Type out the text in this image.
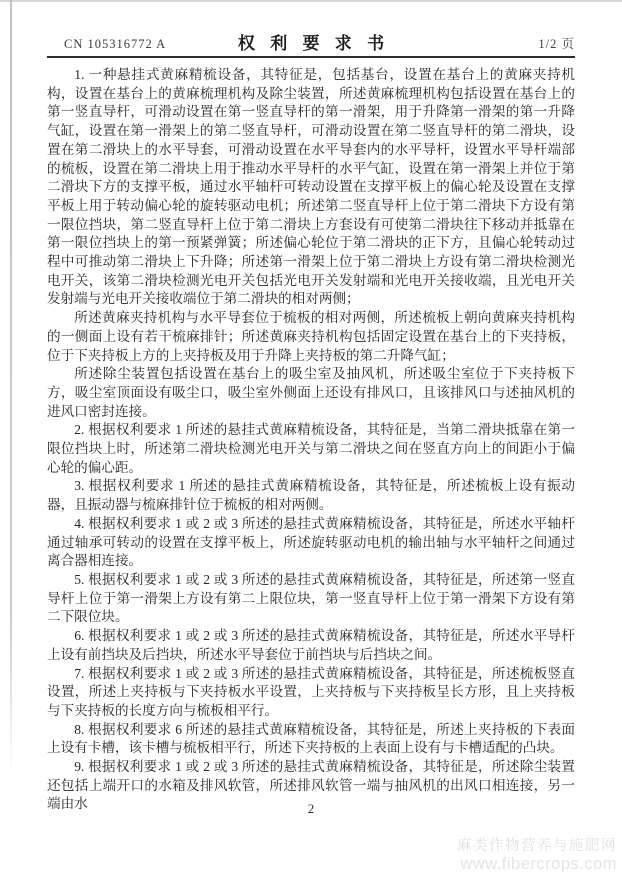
CN 105316772 A	权利要求书	1/2 页

1. 一种悬挂式黄麻精梳设备，其特征是，包括基台，设置在基台上的黄麻夹持机构，设置在基台上的黄麻梳理机构及除尘装置，所述黄麻梳理机构包括设置在基台上的第一竖直导杆，可滑动设置在第一竖直导杆的第一滑架，用于升降第一滑架的第一升降气缸，设置在第一滑架上的第二竖直导杆，可滑动设置在第二竖直导杆的第二滑块，设置在第二滑块上的水平导套，可滑动设置在水平导套内的水平导杆，设置水平导杆端部的梳板，设置在第二滑块上用于推动水平导杆的水平气缸，设置在第一滑架上并位于第二滑块下方的支撑平板，通过水平轴杆可转动设置在支撑平板上的偏心轮及设置在支撑平板上用于转动偏心轮的旋转驱动电机；所述第二竖直导杆上位于第二滑块下方设有第一限位挡块，第二竖直导杆上位于第二滑块上方套设有可使第二滑块往下移动并抵靠在第一限位挡块上的第一预紧弹簧；所述偏心轮位于第二滑块的正下方，且偏心轮转动过程中可推动第二滑块上下升降；所述第一滑架上位于第二滑块上方设有第二滑块检测光电开关，该第二滑块检测光电开关包括光电开关发射端和光电开关接收端，且光电开关发射端与光电开关接收端位于第二滑块的相对两侧；

所述黄麻夹持机构与水平导套位于梳板的相对两侧，所述梳板上朝向黄麻夹持机构的一侧面上设有若干梳麻排针；所述黄麻夹持机构包括固定设置在基台上的下夹持板，位于下夹持板上方的上夹持板及用于升降上夹持板的第二升降气缸；

所述除尘装置包括设置在基台上的吸尘室及抽风机，所述吸尘室位于下夹持板下方，吸尘室顶面设有吸尘口，吸尘室外侧面上还设有排风口，且该排风口与述抽风机的进风口密封连接。

2. 根据权利要求 1 所述的悬挂式黄麻精梳设备，其特征是，当第二滑块抵靠在第一限位挡块上时，所述第二滑块检测光电开关与第二滑块之间在竖直方向上的间距小于偏心轮的偏心距。

3. 根据权利要求 1 所述的悬挂式黄麻精梳设备，其特征是，所述梳板上设有振动器，且振动器与梳麻排针位于梳板的相对两侧。

4. 根据权利要求 1 或 2 或 3 所述的悬挂式黄麻精梳设备，其特征是，所述水平轴杆通过轴承可转动的设置在支撑平板上，所述旋转驱动电机的输出轴与水平轴杆之间通过离合器相连接。

5. 根据权利要求 1 或 2 或 3 所述的悬挂式黄麻精梳设备，其特征是，所述第一竖直导杆上位于第一滑架上方设有第二上限位块，第一竖直导杆上位于第一滑架下方设有第二下限位块。

6. 根据权利要求 1 或 2 或 3 所述的悬挂式黄麻精梳设备，其特征是，所述水平导杆上设有前挡块及后挡块，所述水平导套位于前挡块与后挡块之间。

7. 根据权利要求 1 或 2 或 3 所述的悬挂式黄麻精梳设备，其特征是，所述梳板竖直设置，所述上夹持板与下夹持板水平设置，上夹持板与下夹持板呈长方形，且上夹持板与下夹持板的长度方向与梳板相平行。

8. 根据权利要求 6 所述的悬挂式黄麻精梳设备，其特征是，所述上夹持板的下表面上设有卡槽，该卡槽与梳板相平行，所述下夹持板的上表面上设有与卡槽适配的凸块。

9. 根据权利要求 1 或 2 或 3 所述的悬挂式黄麻精梳设备，其特征是，所述除尘装置还包括上端开口的水箱及排风软管，所述排风软管一端与抽风机的出风口相连接，另一端由水	2
麻类作物营养与施肥网
www.fibercrops.com
